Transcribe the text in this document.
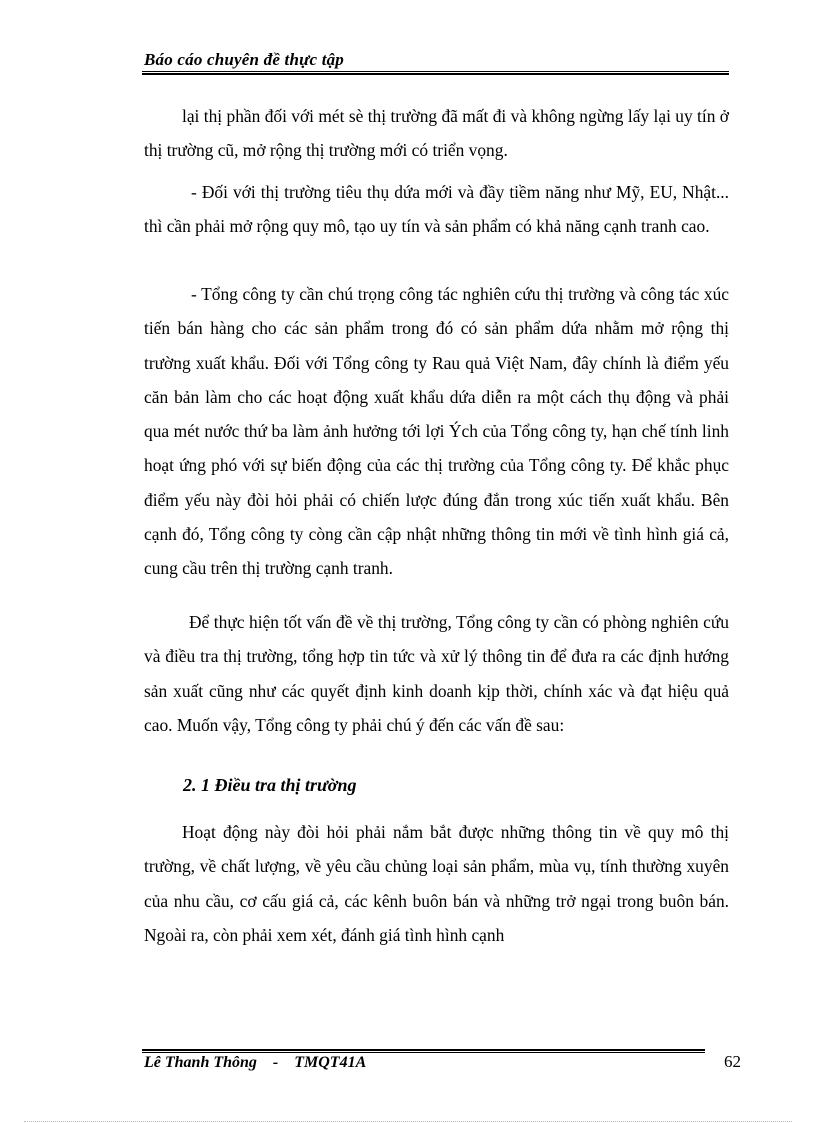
Báo cáo chuyên đề thực tập

lại thị phần đối với mét sè thị trường đã mất đi và không ngừng lấy lại uy tín ở thị trường cũ, mở rộng thị trường mới có triển vọng.

- Đối với thị trường tiêu thụ dứa mới và đầy tiềm năng như Mỹ, EU, Nhật... thì cần phải mở rộng quy mô, tạo uy tín và sản phẩm có khả năng cạnh tranh cao.

- Tổng công ty cần chú trọng công tác nghiên cứu thị trường và công tác xúc tiến bán hàng cho các sản phẩm trong đó có sản phẩm dứa nhằm mở rộng thị trường xuất khẩu. Đối với Tổng công ty Rau quả Việt Nam, đây chính là điểm yếu căn bản làm cho các hoạt động xuất khẩu dứa diễn ra một cách thụ động và phải qua mét nước thứ ba làm ảnh hưởng tới lợi Ých của Tổng công ty, hạn chế tính linh hoạt ứng phó với sự biến động của các thị trường của Tổng công ty. Để khắc phục điểm yếu này đòi hỏi phải có chiến lược đúng đắn trong xúc tiến xuất khẩu. Bên cạnh đó, Tổng công ty còng cần cập nhật những thông tin mới về tình hình giá cả, cung cầu trên thị trường cạnh tranh.

Để thực hiện tốt vấn đề về thị trường, Tổng công ty cần có phòng nghiên cứu và điều tra thị trường, tổng hợp tin tức và xử lý thông tin để đưa ra các định hướng sản xuất cũng như các quyết định kinh doanh kịp thời, chính xác và đạt hiệu quả cao. Muốn vậy, Tổng công ty phải chú ý đến các vấn đề sau:

2. 1 Điều tra thị trường

Hoạt động này đòi hỏi phải nắm bắt được những thông tin về quy mô thị trường, về chất lượng, về yêu cầu chủng loại sản phẩm, mùa vụ, tính thường xuyên của nhu cầu, cơ cấu giá cả, các kênh buôn bán và những trở ngại trong buôn bán. Ngoài ra, còn phải xem xét, đánh giá tình hình cạnh

Lê Thanh Thông - TMQT41A	62
